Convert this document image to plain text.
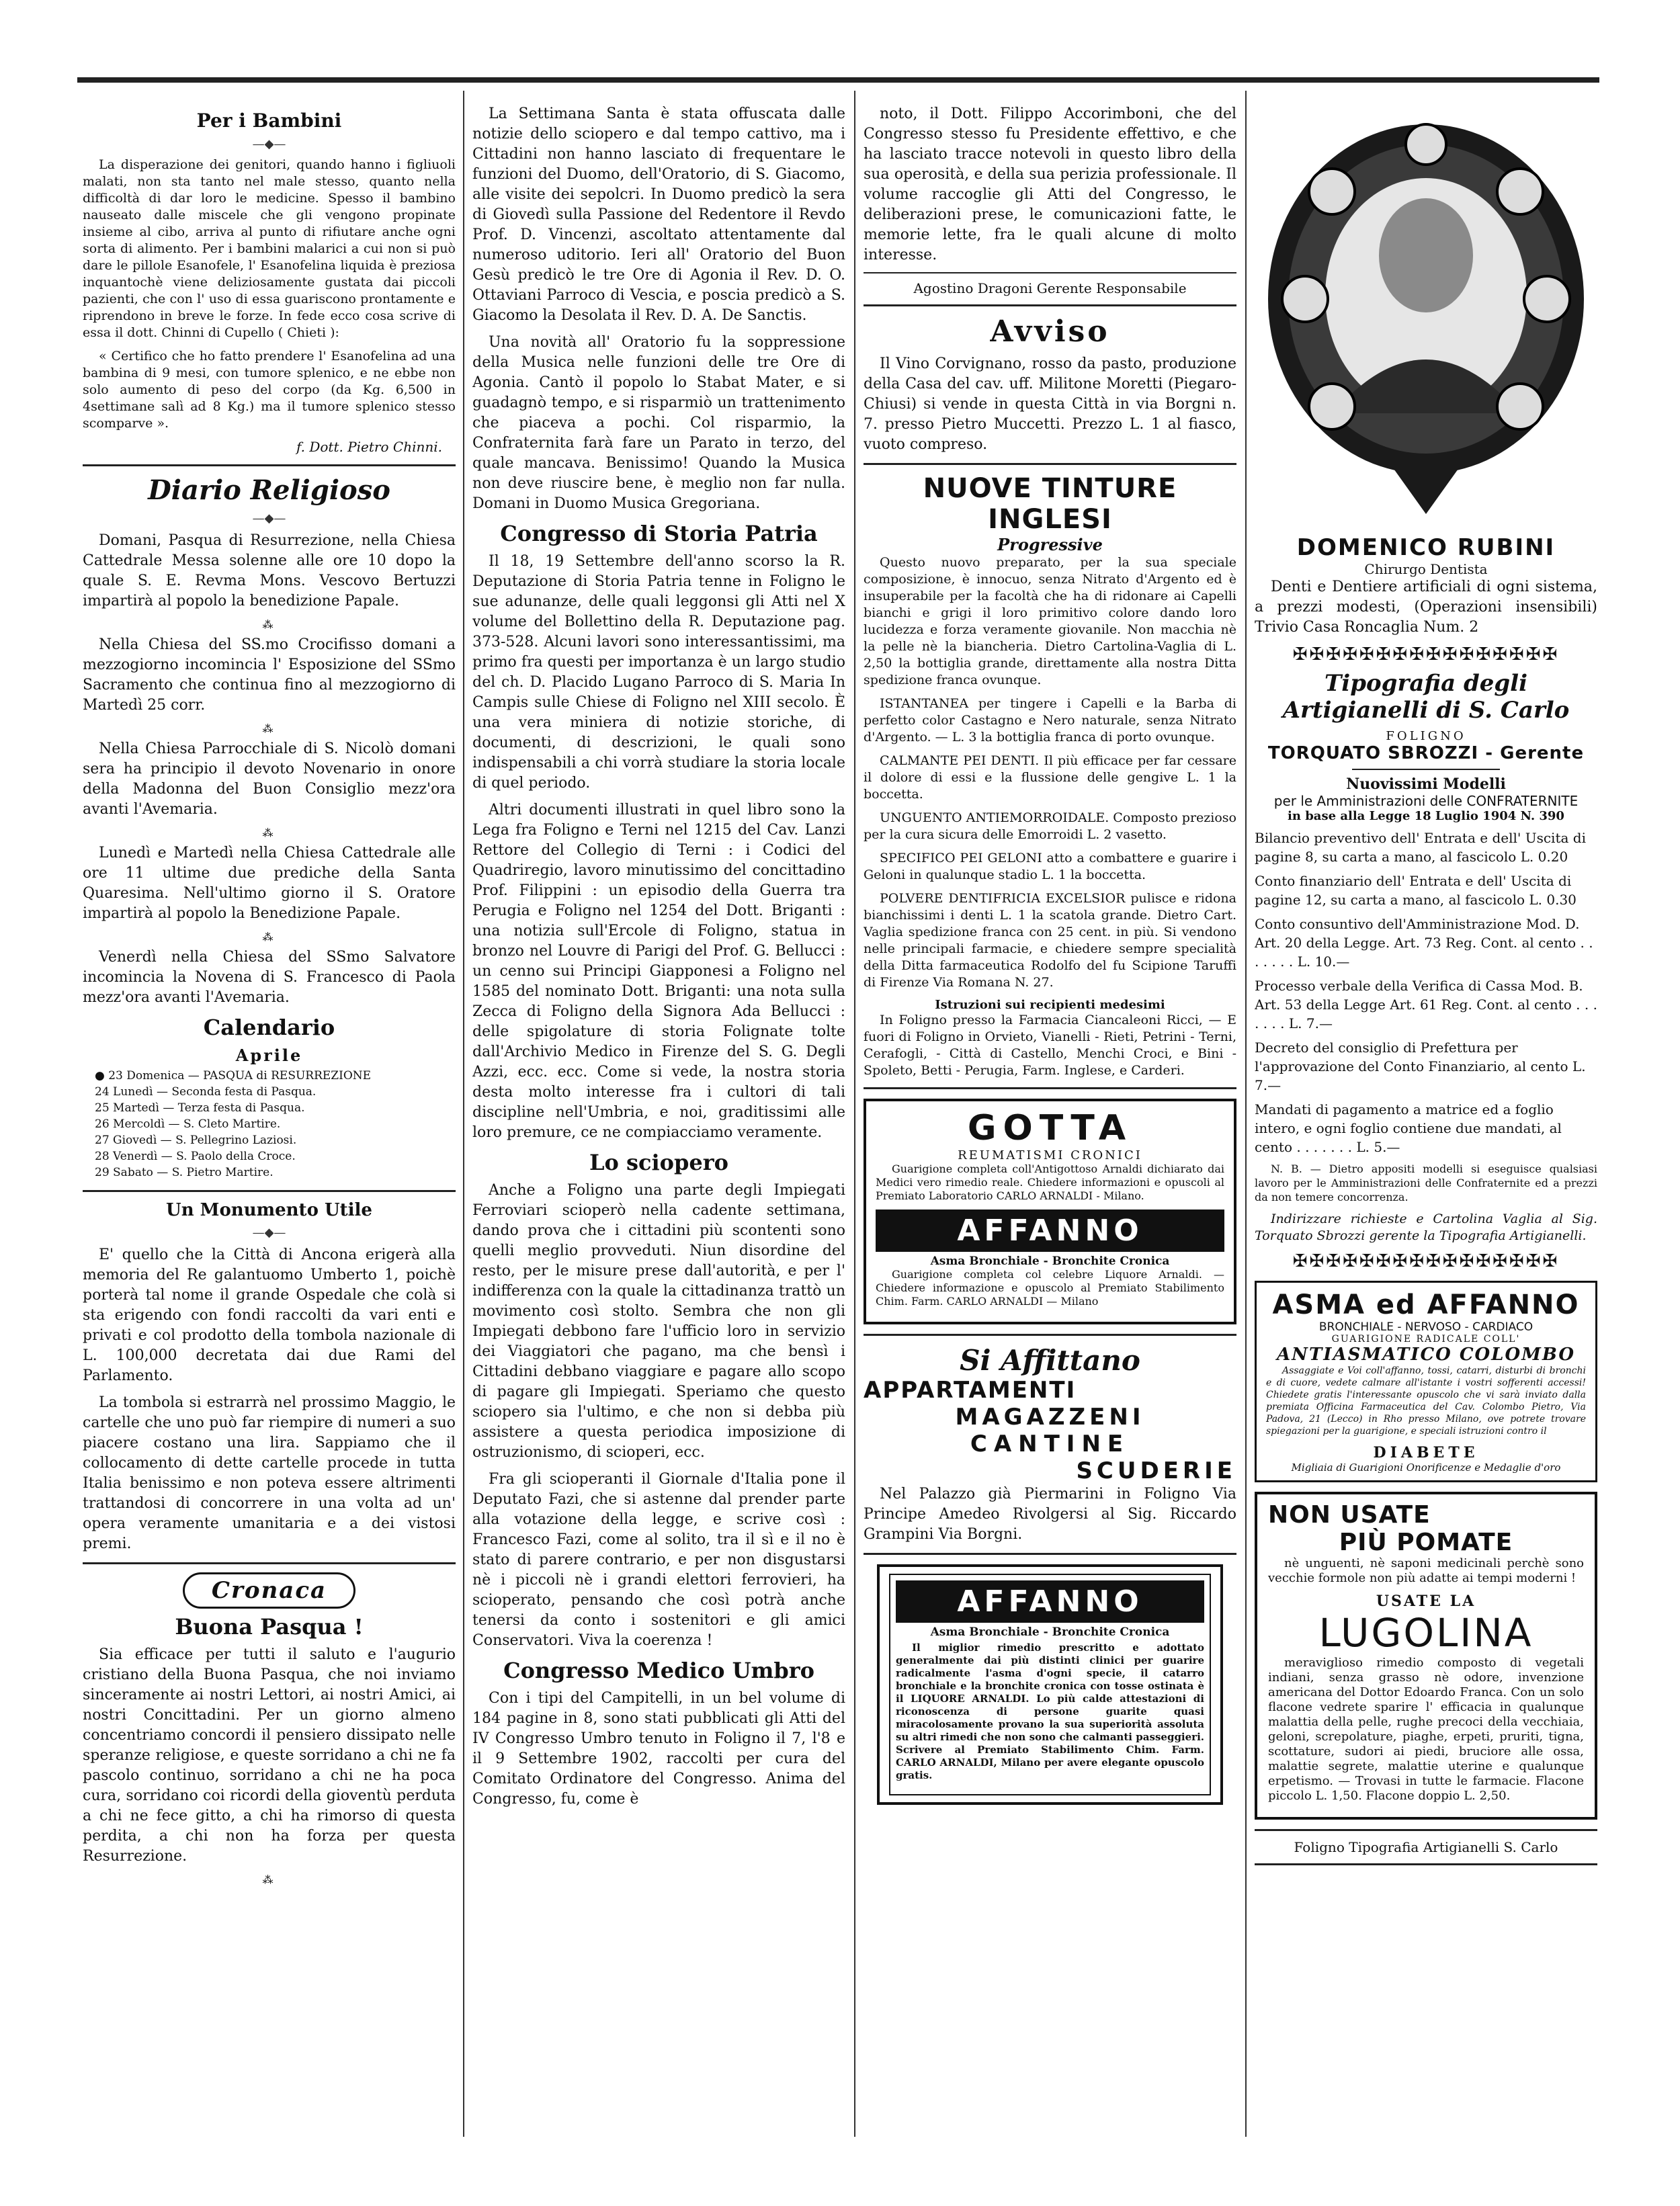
Per i Bambini
—◆—

La disperazione dei genitori, quando hanno i figliuoli malati, non sta tanto nel male stesso, quanto nella difficoltà di dar loro le medicine. Spesso il bambino nauseato dalle miscele che gli vengono propinate insieme al cibo, arriva al punto di rifiutare anche ogni sorta di alimento. Per i bambini malarici a cui non si può dare le pillole Esanofele, l' Esanofelina liquida è preziosa inquantochè viene deliziosamente gustata dai piccoli pazienti, che con l' uso di essa guariscono prontamente e riprendono in breve le forze. In fede ecco cosa scrive di essa il dott. Chinni di Cupello ( Chieti ):

« Certifico che ho fatto prendere l' Esanofelina ad una bambina di 9 mesi, con tumore splenico, e ne ebbe non solo aumento di peso del corpo (da Kg. 6,500 in 4settimane salì ad 8 Kg.) ma il tumore splenico stesso scomparve ».

f. Dott. Pietro Chinni.
Diario Religioso
—◆—

Domani, Pasqua di Resurrezione, nella Chiesa Cattedrale Messa solenne alle ore 10 dopo la quale S. E. Revma Mons. Vescovo Bertuzzi impartirà al popolo la benedizione Papale.

⁂

Nella Chiesa del SS.mo Crocifisso domani a mezzogiorno incomincia l' Esposizione del SSmo Sacramento che continua fino al mezzogiorno di Martedì 25 corr.

⁂

Nella Chiesa Parrocchiale di S. Nicolò domani sera ha principio il devoto Novenario in onore della Madonna del Buon Consiglio mezz'ora avanti l'Avemaria.

⁂

Lunedì e Martedì nella Chiesa Cattedrale alle ore 11 ultime due prediche della Santa Quaresima. Nell'ultimo giorno il S. Oratore impartirà al popolo la Benedizione Papale.

⁂

Venerdì nella Chiesa del SSmo Salvatore incomincia la Novena di S. Francesco di Paola mezz'ora avanti l'Avemaria.

Calendario
Aprile
● 23 Domenica — PASQUA di RESURREZIONE
24 Lunedì — Seconda festa di Pasqua.
25 Martedì — Terza festa di Pasqua.
26 Mercoldì — S. Cleto Martire.
27 Giovedì — S. Pellegrino Laziosi.
28 Venerdì — S. Paolo della Croce.
29 Sabato — S. Pietro Martire.
Un Monumento Utile
—◆—

E' quello che la Città di Ancona erigerà alla memoria del Re galantuomo Umberto 1, poichè porterà tal nome il grande Ospedale che colà si sta erigendo con fondi raccolti da vari enti e privati e col prodotto della tombola nazionale di L. 100,000 decretata dai due Rami del Parlamento.

La tombola si estrarrà nel prossimo Maggio, le cartelle che uno può far riempire di numeri a suo piacere costano una lira. Sappiamo che il collocamento di dette cartelle procede in tutta Italia benissimo e non poteva essere altrimenti trattandosi di concorrere in una volta ad un' opera veramente umanitaria e a dei vistosi premi.

Cronaca
Buona Pasqua !

Sia efficace per tutti il saluto e l'augurio cristiano della Buona Pasqua, che noi inviamo sinceramente ai nostri Lettori, ai nostri Amici, ai nostri Concittadini. Per un giorno almeno concentriamo concordi il pensiero dissipato nelle speranze religiose, e queste sorridano a chi ne fa pascolo continuo, sorridano a chi ne ha poca cura, sorridano coi ricordi della gioventù perduta a chi ne fece gitto, a chi ha rimorso di questa perdita, a chi non ha forza per questa Resurrezione.

⁂

La Settimana Santa è stata offuscata dalle notizie dello sciopero e dal tempo cattivo, ma i Cittadini non hanno lasciato di frequentare le funzioni del Duomo, dell'Oratorio, di S. Giacomo, alle visite dei sepolcri. In Duomo predicò la sera di Giovedì sulla Passione del Redentore il Revdo Prof. D. Vincenzi, ascoltato attentamente dal numeroso uditorio. Ieri all' Oratorio del Buon Gesù predicò le tre Ore di Agonia il Rev. D. O. Ottaviani Parroco di Vescia, e poscia predicò a S. Giacomo la Desolata il Rev. D. A. De Sanctis.

Una novità all' Oratorio fu la soppressione della Musica nelle funzioni delle tre Ore di Agonia. Cantò il popolo lo Stabat Mater, e si guadagnò tempo, e si risparmiò un trattenimento che piaceva a pochi. Col risparmio, la Confraternita farà fare un Parato in terzo, del quale mancava. Benissimo! Quando la Musica non deve riuscire bene, è meglio non far nulla. Domani in Duomo Musica Gregoriana.

Congresso di Storia Patria

Il 18, 19 Settembre dell'anno scorso la R. Deputazione di Storia Patria tenne in Foligno le sue adunanze, delle quali leggonsi gli Atti nel X volume del Bollettino della R. Deputazione pag. 373-528. Alcuni lavori sono interessantissimi, ma primo fra questi per importanza è un largo studio del ch. D. Placido Lugano Parroco di S. Maria In Campis sulle Chiese di Foligno nel XIII secolo. È una vera miniera di notizie storiche, di documenti, di descrizioni, le quali sono indispensabili a chi vorrà studiare la storia locale di quel periodo.

Altri documenti illustrati in quel libro sono la Lega fra Foligno e Terni nel 1215 del Cav. Lanzi Rettore del Collegio di Terni : i Codici del Quadriregio, lavoro minutissimo del concittadino Prof. Filippini : un episodio della Guerra tra Perugia e Foligno nel 1254 del Dott. Briganti : una notizia sull'Ercole di Foligno, statua in bronzo nel Louvre di Parigi del Prof. G. Bellucci : un cenno sui Principi Giapponesi a Foligno nel 1585 del nominato Dott. Briganti: una nota sulla Zecca di Foligno della Signora Ada Bellucci : delle spigolature di storia Folignate tolte dall'Archivio Medico in Firenze del S. G. Degli Azzi, ecc. ecc. Come si vede, la nostra storia desta molto interesse fra i cultori di tali discipline nell'Umbria, e noi, graditissimi alle loro premure, ce ne compiacciamo veramente.

Lo sciopero

Anche a Foligno una parte degli Impiegati Ferroviari scioperò nella cadente settimana, dando prova che i cittadini più scontenti sono quelli meglio provveduti. Niun disordine del resto, per le misure prese dall'autorità, e per l' indifferenza con la quale la cittadinanza trattò un movimento così stolto. Sembra che non gli Impiegati debbono fare l'ufficio loro in servizio dei Viaggiatori che pagano, ma che bensì i Cittadini debbano viaggiare e pagare allo scopo di pagare gli Impiegati. Speriamo che questo sciopero sia l'ultimo, e che non si debba più assistere a questa periodica imposizione di ostruzionismo, di scioperi, ecc.

Fra gli scioperanti il Giornale d'Italia pone il Deputato Fazi, che si astenne dal prender parte alla votazione della legge, e scrive così : Francesco Fazi, come al solito, tra il sì e il no è stato di parere contrario, e per non disgustarsi nè i piccoli nè i grandi elettori ferrovieri, ha scioperato, pensando che così potrà anche tenersi da conto i sostenitori e gli amici Conservatori. Viva la coerenza !

Congresso Medico Umbro

Con i tipi del Campitelli, in un bel volume di 184 pagine in 8, sono stati pubblicati gli Atti del IV Congresso Umbro tenuto in Foligno il 7, l'8 e il 9 Settembre 1902, raccolti per cura del Comitato Ordinatore del Congresso. Anima del Congresso, fu, come è

noto, il Dott. Filippo Accorimboni, che del Congresso stesso fu Presidente effettivo, e che ha lasciato tracce notevoli in questo libro della sua operosità, e della sua perizia professionale. Il volume raccoglie gli Atti del Congresso, le deliberazioni prese, le comunicazioni fatte, le memorie lette, fra le quali alcune di molto interesse.

Agostino Dragoni Gerente Responsabile
Avviso

Il Vino Corvignano, rosso da pasto, produzione della Casa del cav. uff. Militone Moretti (Piegaro-Chiusi) si vende in questa Città in via Borgni n. 7. presso Pietro Muccetti. Prezzo L. 1 al fiasco, vuoto compreso.

NUOVE TINTURE INGLESI
Progressive

Questo nuovo preparato, per la sua speciale composizione, è innocuo, senza Nitrato d'Argento ed è insuperabile per la facoltà che ha di ridonare ai Capelli bianchi e grigi il loro primitivo colore dando loro lucidezza e forza veramente giovanile. Non macchia nè la pelle nè la biancheria. Dietro Cartolina-Vaglia di L. 2,50 la bottiglia grande, direttamente alla nostra Ditta spedizione franca ovunque.

ISTANTANEA per tingere i Capelli e la Barba di perfetto color Castagno e Nero naturale, senza Nitrato d'Argento. — L. 3 la bottiglia franca di porto ovunque.

CALMANTE PEI DENTI. Il più efficace per far cessare il dolore di essi e la flussione delle gengive L. 1 la boccetta.

UNGUENTO ANTIEMORROIDALE. Composto prezioso per la cura sicura delle Emorroidi L. 2 vasetto.

SPECIFICO PEI GELONI atto a combattere e guarire i Geloni in qualunque stadio L. 1 la boccetta.

POLVERE DENTIFRICIA EXCELSIOR pulisce e ridona bianchissimi i denti L. 1 la scatola grande. Dietro Cart. Vaglia spedizione franca con 25 cent. in più. Si vendono nelle principali farmacie, e chiedere sempre specialità della Ditta farmaceutica Rodolfo del fu Scipione Taruffi di Firenze Via Romana N. 27.

Istruzioni sui recipienti medesimi

In Foligno presso la Farmacia Ciancaleoni Ricci, — E fuori di Foligno in Orvieto, Vianelli - Rieti, Petrini - Terni, Cerafogli, - Città di Castello, Menchi Croci, e Bini - Spoleto, Betti - Perugia, Farm. Inglese, e Carderi.

GOTTA
REUMATISMI CRONICI

Guarigione completa coll'Antigottoso Arnaldi dichiarato dai Medici vero rimedio reale. Chiedere informazioni e opuscoli al Premiato Laboratorio CARLO ARNALDI - Milano.

AFFANNO
Asma Bronchiale - Bronchite Cronica

Guarigione completa col celebre Liquore Arnaldi. — Chiedere informazione e opuscolo al Premiato Stabilimento Chim. Farm. CARLO ARNALDI — Milano

Si Affittano
APPARTAMENTI
MAGAZZENI
CANTINE
SCUDERIE

Nel Palazzo già Piermarini in Foligno Via Principe Amedeo Rivolgersi al Sig. Riccardo Grampini Via Borgni.

AFFANNO
Asma Bronchiale - Bronchite Cronica

Il miglior rimedio prescritto e adottato generalmente dai più distinti clinici per guarire radicalmente l'asma d'ogni specie, il catarro bronchiale e la bronchite cronica con tosse ostinata è il LIQUORE ARNALDI. Lo più calde attestazioni di riconoscenza di persone guarite quasi miracolosamente provano la sua superiorità assoluta su altri rimedi che non sono che calmanti passeggieri. Scrivere al Premiato Stabilimento Chim. Farm. CARLO ARNALDI, Milano per avere elegante opuscolo gratis.

DOMENICO RUBINI
Chirurgo Dentista

Denti e Dentiere artificiali di ogni sistema, a prezzi modesti, (Operazioni insensibili) Trivio Casa Roncaglia Num. 2

✠✠✠✠✠✠✠✠✠✠✠✠✠✠✠✠
Tipografia degli Artigianelli di S. Carlo
FOLIGNO
TORQUATO SBROZZI - Gerente
Nuovissimi Modelli
per le Amministrazioni delle CONFRATERNITE
in base alla Legge 18 Luglio 1904 N. 390
Bilancio preventivo dell' Entrata e dell' Uscita di pagine 8, su carta a mano, al fascicolo L. 0.20
Conto finanziario dell' Entrata e dell' Uscita di pagine 12, su carta a mano, al fascicolo L. 0.30
Conto consuntivo dell'Amministrazione Mod. D. Art. 20 della Legge. Art. 73 Reg. Cont. al cento . . . . . . . L. 10.—
Processo verbale della Verifica di Cassa Mod. B. Art. 53 della Legge Art. 61 Reg. Cont. al cento . . . . . . . L. 7.—
Decreto del consiglio di Prefettura per l'approvazione del Conto Finanziario, al cento L. 7.—
Mandati di pagamento a matrice ed a foglio intero, e ogni foglio contiene due mandati, al cento . . . . . . . L. 5.—

N. B. — Dietro appositi modelli si eseguisce qualsiasi lavoro per le Amministrazioni delle Confraternite ed a prezzi da non temere concorrenza.

Indirizzare richieste e Cartolina Vaglia al Sig. Torquato Sbrozzi gerente la Tipografia Artigianelli.

✠✠✠✠✠✠✠✠✠✠✠✠✠✠✠✠
ASMA ed AFFANNO
BRONCHIALE - NERVOSO - CARDIACO
GUARIGIONE RADICALE COLL'
ANTIASMATICO COLOMBO

Assaggiate e Voi coll'affanno, tossi, catarri, disturbi di bronchi e di cuore, vedete calmare all'istante i vostri sofferenti accessi! Chiedete gratis l'interessante opuscolo che vi sarà inviato dalla premiata Officina Farmaceutica del Cav. Colombo Pietro, Via Padova, 21 (Lecco) in Rho presso Milano, ove potrete trovare spiegazioni per la guarigione, e speciali istruzioni contro il

DIABETE
Migliaia di Guarigioni Onorificenze e Medaglie d'oro
NON USATE
PIÙ POMATE

nè unguenti, nè saponi medicinali perchè sono vecchie formole non più adatte ai tempi moderni !

USATE LA
LUGOLINA

meraviglioso rimedio composto di vegetali indiani, senza grasso nè odore, invenzione americana del Dottor Edoardo Franca. Con un solo flacone vedrete sparire l' efficacia in qualunque malattia della pelle, rughe precoci della vecchiaia, geloni, screpolature, piaghe, erpeti, pruriti, tigna, scottature, sudori ai piedi, bruciore alle ossa, malattie segrete, malattie uterine e qualunque erpetismo. — Trovasi in tutte le farmacie. Flacone piccolo L. 1,50. Flacone doppio L. 2,50.

Foligno Tipografia Artigianelli S. Carlo
